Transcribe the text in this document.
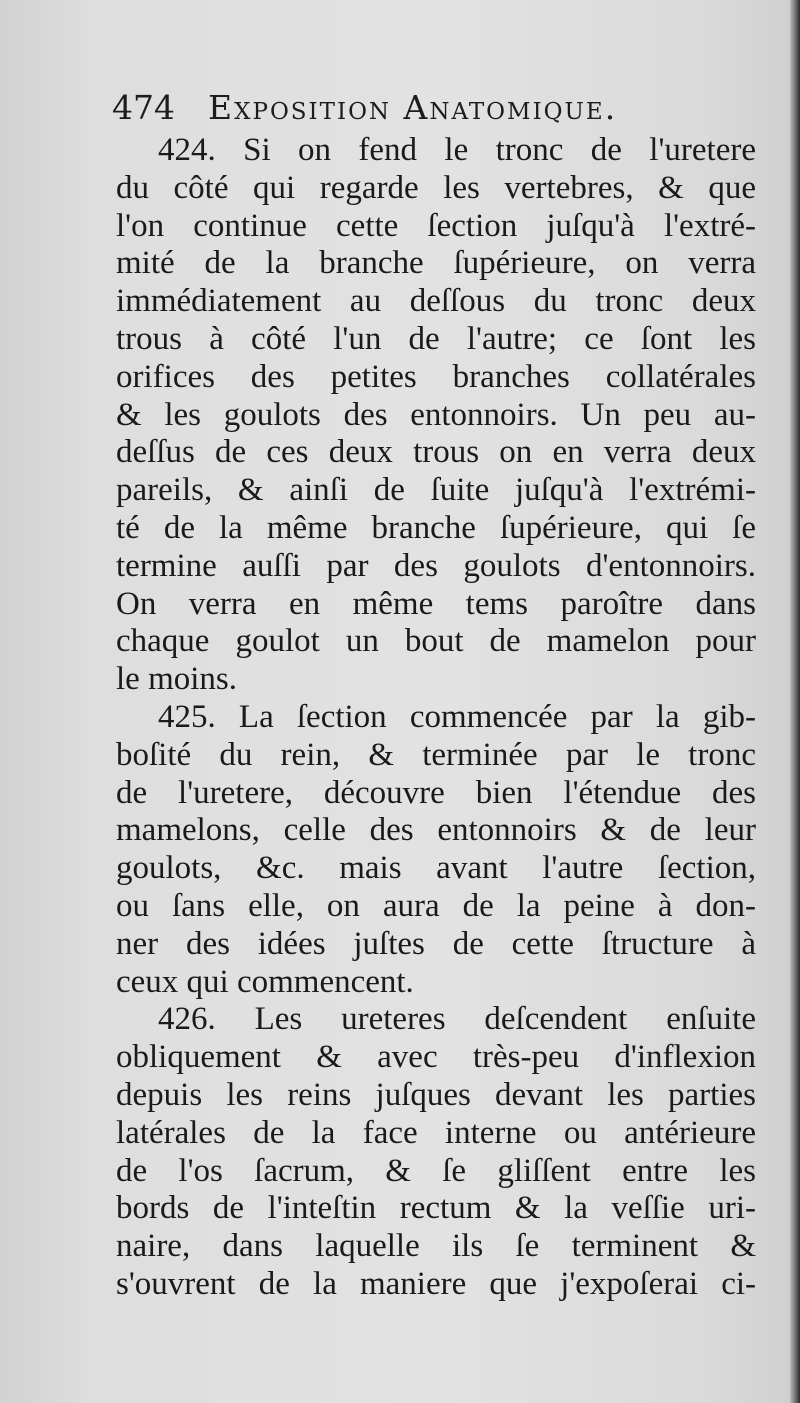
474 Exposition Anatomique.
424. Si on fend le tronc de l'uretere
du côté qui regarde les vertebres, & que
l'on continue cette ſection juſqu'à l'extré-
mité de la branche ſupérieure, on verra
immédiatement au deſſous du tronc deux
trous à côté l'un de l'autre; ce ſont les
orifices des petites branches collatérales
& les goulots des entonnoirs. Un peu au-
deſſus de ces deux trous on en verra deux
pareils, & ainſi de ſuite juſqu'à l'extrémi-
té de la même branche ſupérieure, qui ſe
termine auſſi par des goulots d'entonnoirs.
On verra en même tems paroître dans
chaque goulot un bout de mamelon pour
le moins.
425. La ſection commencée par la gib-
boſité du rein, & terminée par le tronc
de l'uretere, découvre bien l'étendue des
mamelons, celle des entonnoirs & de leur
goulots, &c. mais avant l'autre ſection,
ou ſans elle, on aura de la peine à don-
ner des idées juſtes de cette ſtructure à
ceux qui commencent.
426. Les ureteres deſcendent enſuite
obliquement & avec très-peu d'inflexion
depuis les reins juſques devant les parties
latérales de la face interne ou antérieure
de l'os ſacrum, & ſe gliſſent entre les
bords de l'inteſtin rectum & la veſſie uri-
naire, dans laquelle ils ſe terminent &
s'ouvrent de la maniere que j'expoſerai ci-
